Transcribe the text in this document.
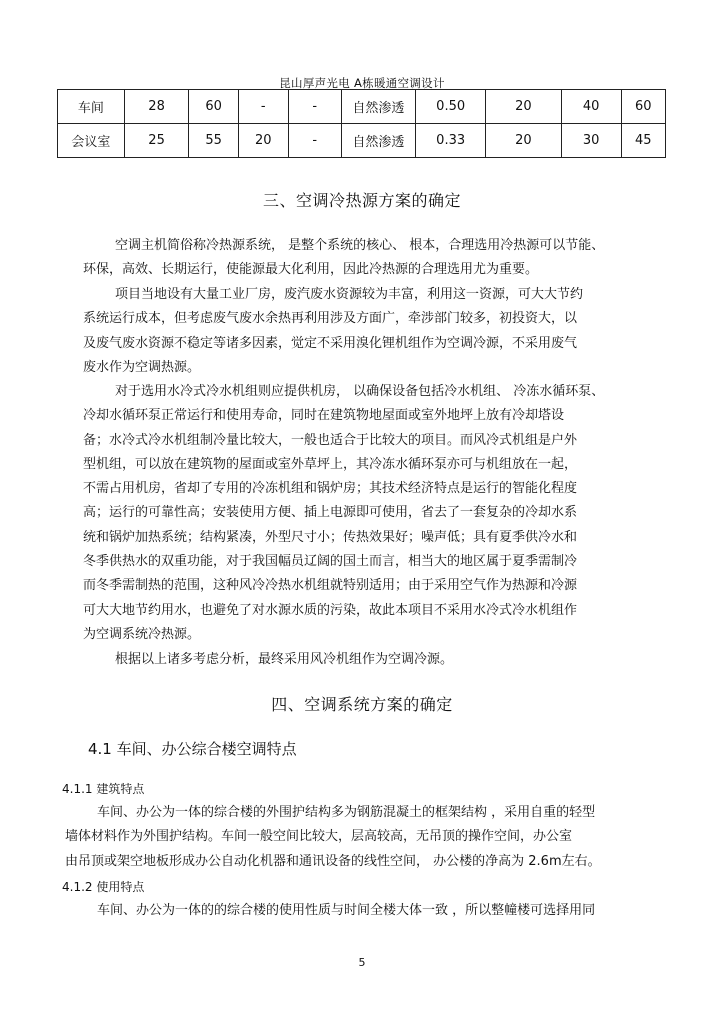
昆山厚声光电 A栋暖通空调设计
车间	28	60	-	-	自然渗透	0.50	20	40	60
会议室	25	55	20	-	自然渗透	0.33	20	30	45
三、空调冷热源方案的确定
空调主机简俗称冷热源系统， 是整个系统的核心、 根本，合理选用冷热源可以节能、
环保，高效、长期运行，使能源最大化利用，因此冷热源的合理选用尤为重要。
项目当地设有大量工业厂房，废汽废水资源较为丰富，利用这一资源，可大大节约
系统运行成本，但考虑废气废水余热再利用涉及方面广，牵涉部门较多，初投资大，以
及废气废水资源不稳定等诸多因素，觉定不采用溴化锂机组作为空调冷源，不采用废气
废水作为空调热源。
对于选用水冷式冷水机组则应提供机房， 以确保设备包括冷水机组、 冷冻水循环泵、
冷却水循环泵正常运行和使用寿命，同时在建筑物地屋面或室外地坪上放有冷却塔设
备；水冷式冷水机组制冷量比较大，一般也适合于比较大的项目。而风冷式机组是户外
型机组，可以放在建筑物的屋面或室外草坪上，其冷冻水循环泵亦可与机组放在一起，
不需占用机房，省却了专用的冷冻机组和锅炉房；其技术经济特点是运行的智能化程度
高；运行的可靠性高；安装使用方便、插上电源即可使用，省去了一套复杂的冷却水系
统和锅炉加热系统；结构紧凑，外型尺寸小；传热效果好；噪声低；具有夏季供冷水和
冬季供热水的双重功能，对于我国幅员辽阔的国土而言，相当大的地区属于夏季需制冷
而冬季需制热的范围，这种风冷冷热水机组就特别适用；由于采用空气作为热源和冷源
可大大地节约用水，也避免了对水源水质的污染，故此本项目不采用水冷式冷水机组作
为空调系统冷热源。
根据以上诸多考虑分析，最终采用风冷机组作为空调冷源。
四、空调系统方案的确定
4.1 车间、办公综合楼空调特点
4.1.1 建筑特点
车间、办公为一体的综合楼的外围护结构多为钢筋混凝土的框架结构 ，采用自重的轻型
墙体材料作为外围护结构。车间一般空间比较大，层高较高，无吊顶的操作空间，办公室
由吊顶或架空地板形成办公自动化机器和通讯设备的线性空间， 办公楼的净高为 2.6m左右。
4.1.2 使用特点
车间、办公为一体的的综合楼的使用性质与时间全楼大体一致 ，所以整幢楼可选择用同
5
